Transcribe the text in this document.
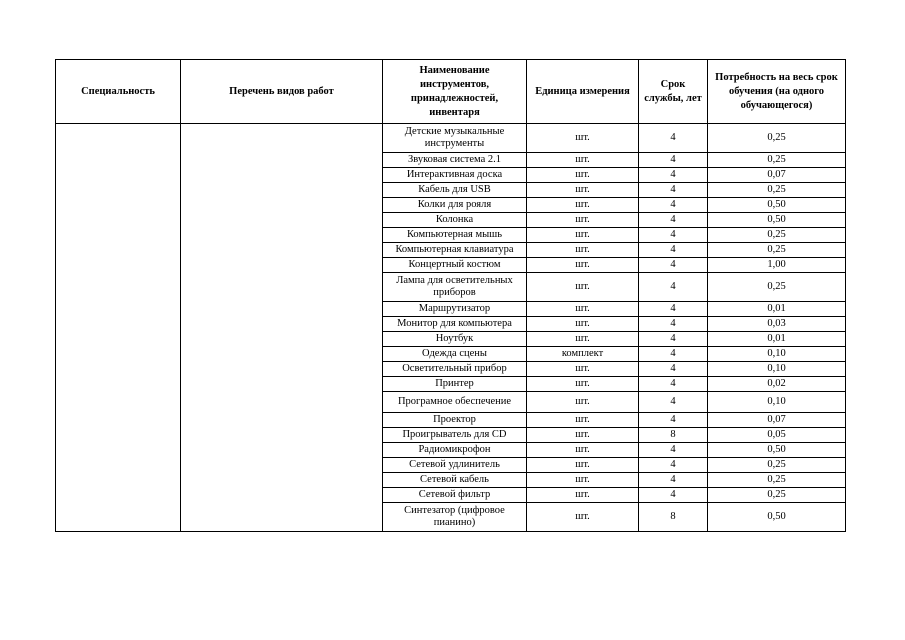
Специальность	Перечень видов работ	Наименование инструментов, принадлежностей, инвентаря	Единица измерения	Срок службы, лет	Потребность на весь срок обучения (на одного обучающегося)
		Детские музыкальные инструменты	шт.	4	0,25
		Звуковая система 2.1	шт.	4	0,25
		Интерактивная доска	шт.	4	0,07
		Кабель для USB	шт.	4	0,25
		Колки для рояля	шт.	4	0,50
		Колонка	шт.	4	0,50
		Компьютерная мышь	шт.	4	0,25
		Компьютерная клавиатура	шт.	4	0,25
		Концертный костюм	шт.	4	1,00
		Лампа для осветительных приборов	шт.	4	0,25
		Маршрутизатор	шт.	4	0,01
		Монитор для компьютера	шт.	4	0,03
		Ноутбук	шт.	4	0,01
		Одежда сцены	комплект	4	0,10
		Осветительный прибор	шт.	4	0,10
		Принтер	шт.	4	0,02
		Програмное обеспечение	шт.	4	0,10
		Проектор	шт.	4	0,07
		Проигрыватель для CD	шт.	8	0,05
		Радиомикрофон	шт.	4	0,50
		Сетевой удлинитель	шт.	4	0,25
		Сетевой кабель	шт.	4	0,25
		Сетевой фильтр	шт.	4	0,25
		Синтезатор (цифровое пианино)	шт.	8	0,50
